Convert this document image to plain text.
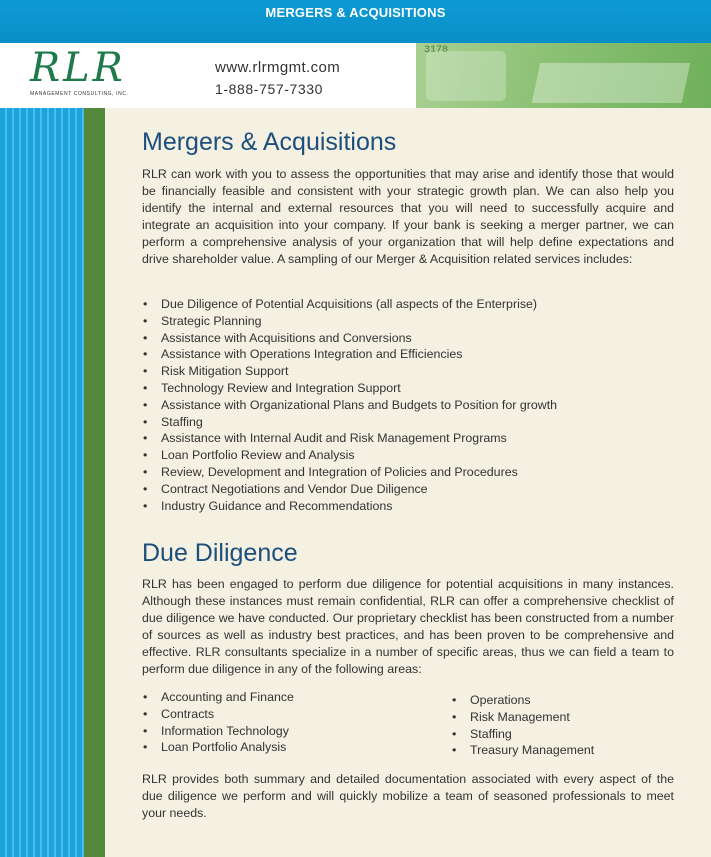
MERGERS & ACQUISITIONS
RLR
MANAGEMENT CONSULTING, INC.
www.rlrmgmt.com
1-888-757-7330
3178
Mergers & Acquisitions

RLR can work with you to assess the opportunities that may arise and identify those that would be financially feasible and consistent with your strategic growth plan. We can also help you identify the internal and external resources that you will need to successfully acquire and integrate an acquisition into your company. If your bank is seeking a merger partner, we can perform a comprehensive analysis of your organization that will help define expectations and drive shareholder value. A sampling of our Merger & Acquisition related services includes:

• Due Diligence of Potential Acquisitions (all aspects of the Enterprise)
• Strategic Planning
• Assistance with Acquisitions and Conversions
• Assistance with Operations Integration and Efficiencies
• Risk Mitigation Support
• Technology Review and Integration Support
• Assistance with Organizational Plans and Budgets to Position for growth
• Staffing
• Assistance with Internal Audit and Risk Management Programs
• Loan Portfolio Review and Analysis
• Review, Development and Integration of Policies and Procedures
• Contract Negotiations and Vendor Due Diligence
• Industry Guidance and Recommendations
Due Diligence

RLR has been engaged to perform due diligence for potential acquisitions in many instances. Although these instances must remain confidential, RLR can offer a comprehensive checklist of due diligence we have conducted. Our proprietary checklist has been constructed from a number of sources as well as industry best practices, and has been proven to be comprehensive and effective. RLR consultants specialize in a number of specific areas, thus we can field a team to perform due diligence in any of the following areas:

• Accounting and Finance
• Contracts
• Information Technology
• Loan Portfolio Analysis
• Operations
• Risk Management
• Staffing
• Treasury Management

RLR provides both summary and detailed documentation associated with every aspect of the due diligence we perform and will quickly mobilize a team of seasoned professionals to meet your needs.
